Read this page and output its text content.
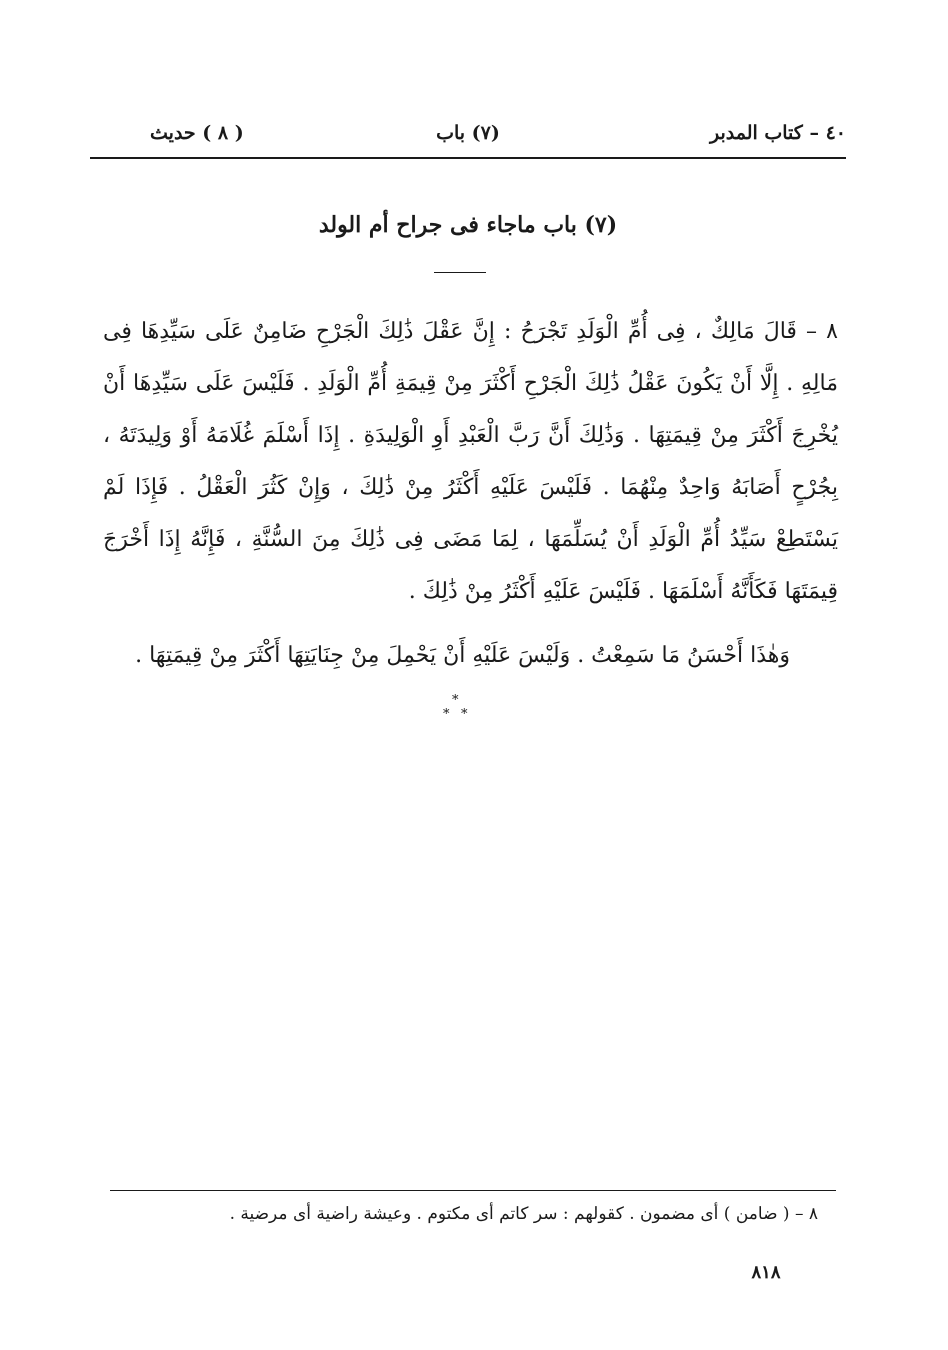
٤٠ – كتاب المدبر
(٧) باب
( ٨ ) حديث
(٧) باب ماجاء فى جراح أم الولد

٨ – قَالَ مَالِكٌ ، فِى أُمِّ الْوَلَدِ تَجْرَحُ : إِنَّ عَقْلَ ذَٰلِكَ الْجَرْحِ ضَامِنٌ عَلَى سَيِّدِهَا فِى مَالِهِ . إِلَّا أَنْ يَكُونَ عَقْلُ ذَٰلِكَ الْجَرْحِ أَكْثَرَ مِنْ قِيمَةِ أُمِّ الْوَلَدِ . فَلَيْسَ عَلَى سَيِّدِهَا أَنْ يُخْرِجَ أَكْثَرَ مِنْ قِيمَتِهَا . وَذَٰلِكَ أَنَّ رَبَّ الْعَبْدِ أَوِ الْوَلِيدَةِ . إِذَا أَسْلَمَ غُلَامَهُ أَوْ وَلِيدَتَهُ ، بِجُرْحٍ أَصَابَهُ وَاحِدٌ مِنْهُمَا . فَلَيْسَ عَلَيْهِ أَكْثَرُ مِنْ ذَٰلِكَ ، وَإِنْ كَثُرَ الْعَقْلُ . فَإِذَا لَمْ يَسْتَطِعْ سَيِّدُ أُمِّ الْوَلَدِ أَنْ يُسَلِّمَهَا ، لِمَا مَضَى فِى ذَٰلِكَ مِنَ السُّنَّةِ ، فَإِنَّهُ إِذَا أَخْرَجَ قِيمَتَهَا فَكَأَنَّهُ أَسْلَمَهَا . فَلَيْسَ عَلَيْهِ أَكْثَرُ مِنْ ذَٰلِكَ .

وَهٰذَا أَحْسَنُ مَا سَمِعْتُ . وَلَيْسَ عَلَيْهِ أَنْ يَحْمِلَ مِنْ جِنَايَتِهَا أَكْثَرَ مِنْ قِيمَتِهَا .

*
* *
٨ – ( ضامن ) أى مضمون . كقولهم : سر كاتم أى مكتوم . وعيشة راضية أى مرضية .
٨١٨
